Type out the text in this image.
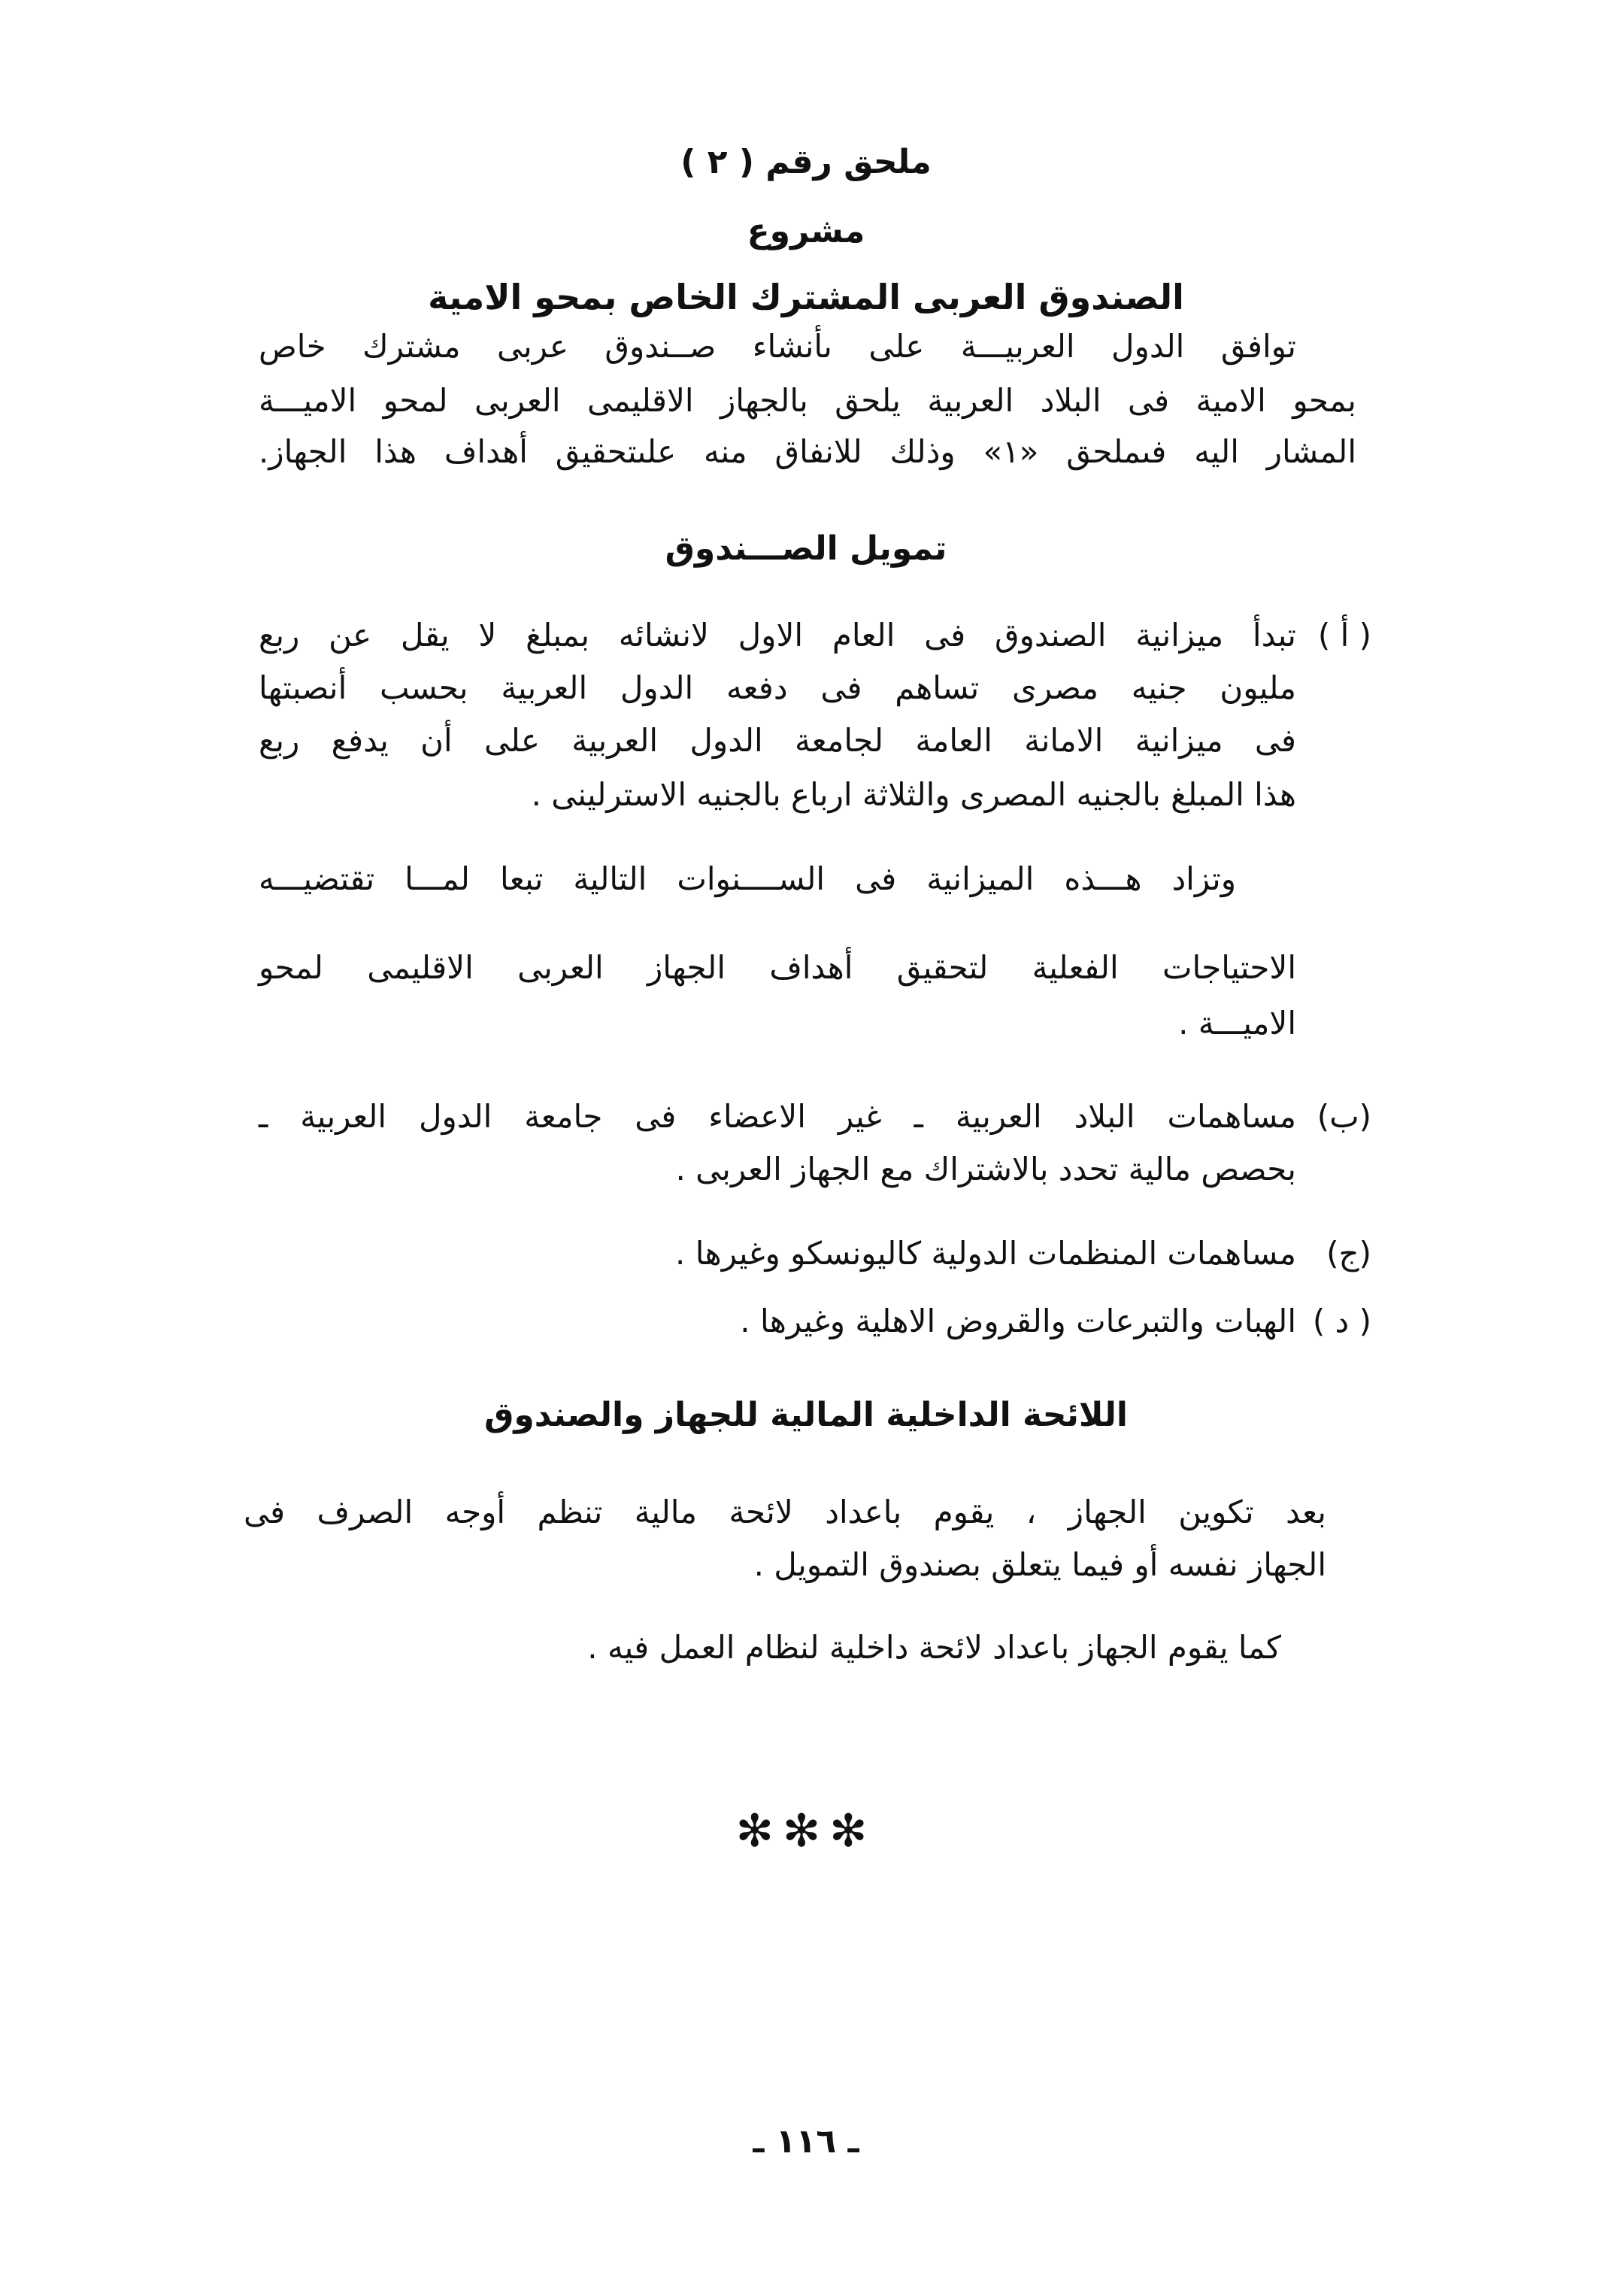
ملحق رقم ( ٢ )
مشروع
الصندوق العربى المشترك الخاص بمحو الامية
توافق الدول العربيـــة على ىأنشاء صــندوق عربى مشترك خاص
بمحو الامية فى البلاد العربية يلحق بالجهاز الاقليمى العربى لمحو الاميـــة
المشار اليه فىملحق «١» وذلك للانفاق منه علىتحقيق أهداف هذا الجهاز.
تمويل الصـــندوق
( أ )
تبدأ ميزانية الصندوق فى العام الاول لانشائه بمبلغ لا يقل عن ربع
مليون جنيه مصرى تساهم فى دفعه الدول العربية بحسب أنصبتها
فى ميزانية الامانة العامة لجامعة الدول العربية على أن يدفع ربع
هذا المبلغ بالجنيه المصرى والثلاثة ارباع بالجنيه الاسترلينى .
وتزاد هـــذه الميزانية فى الســــنوات التالية تبعا لمـــا تقتضيـــه
الاحتياجات الفعلية لتحقيق أهداف الجهاز العربى الاقليمى لمحو
الاميـــة .
(ب)
مساهمات البلاد العربية ـ غير الاعضاء فى جامعة الدول العربية ـ
بحصص مالية تحدد بالاشتراك مع الجهاز العربى .
(ج)
مساهمات المنظمات الدولية كاليونسكو وغيرها .
( د )
الهبات والتبرعات والقروض الاهلية وغيرها .
اللائحة الداخلية المالية للجهاز والصندوق
بعد تكوين الجهاز ، يقوم باعداد لائحة مالية تنظم أوجه الصرف فى
الجهاز نفسه أو فيما يتعلق بصندوق التمويل .
كما يقوم الجهاز باعداد لائحة داخلية لنظام العمل فيه .
✻✻✻
ـ ١١٦ ـ
